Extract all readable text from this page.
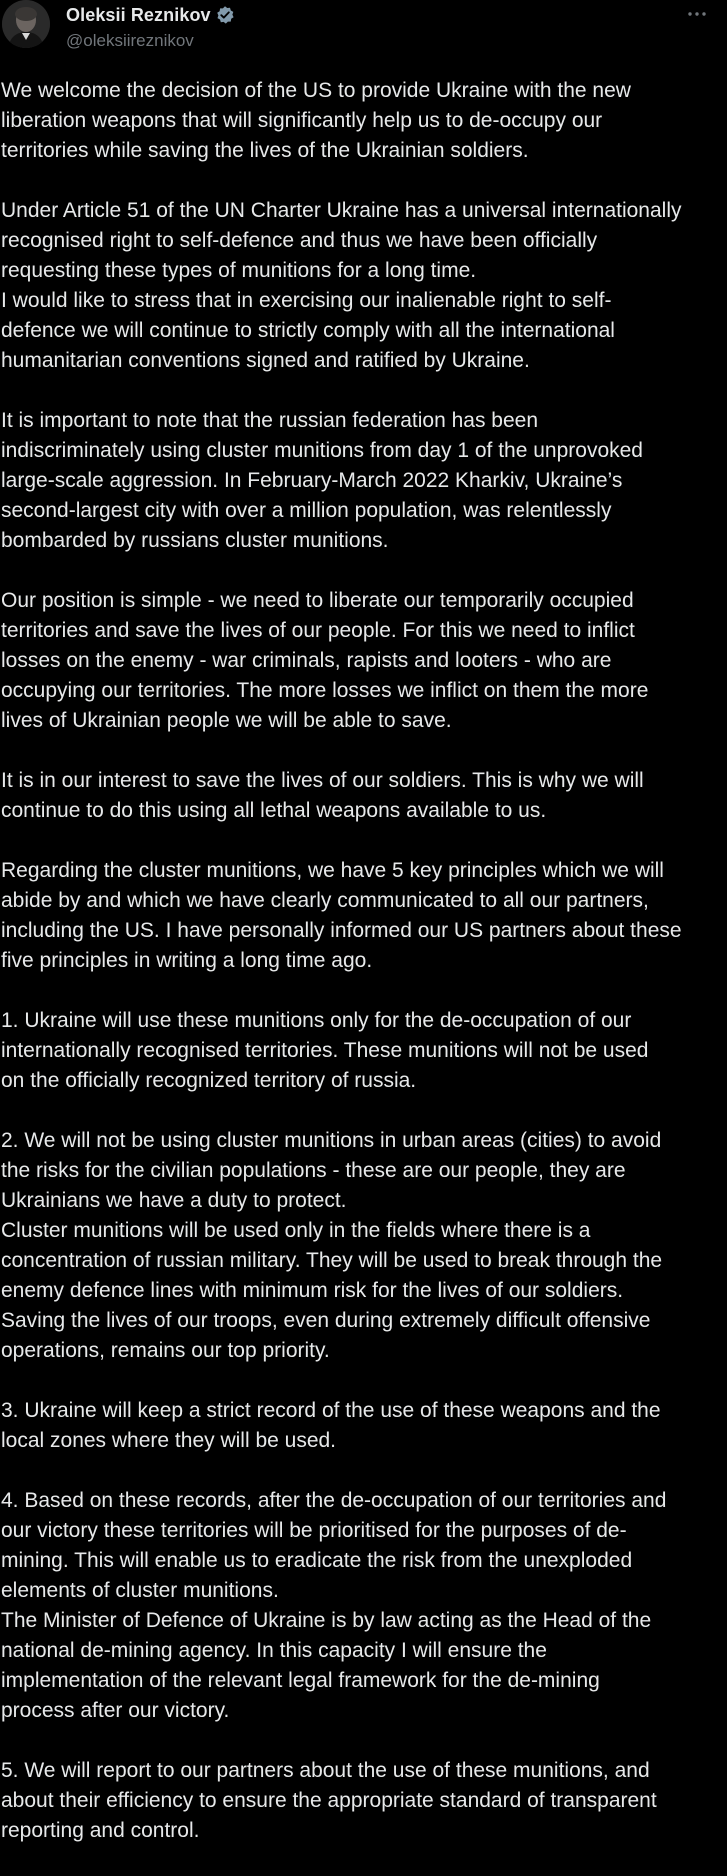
Oleksii Reznikov
@oleksiireznikov

We welcome the decision of the US to provide Ukraine with the new
liberation weapons that will significantly help us to de-occupy our
territories while saving the lives of the Ukrainian soldiers.

Under Article 51 of the UN Charter Ukraine has a universal internationally
recognised right to self-defence and thus we have been officially
requesting these types of munitions for a long time.
I would like to stress that in exercising our inalienable right to self-
defence we will continue to strictly comply with all the international
humanitarian conventions signed and ratified by Ukraine.

It is important to note that the russian federation has been
indiscriminately using cluster munitions from day 1 of the unprovoked
large-scale aggression. In February-March 2022 Kharkiv, Ukraine’s
second-largest city with over a million population, was relentlessly
bombarded by russians cluster munitions.

Our position is simple - we need to liberate our temporarily occupied
territories and save the lives of our people. For this we need to inflict
losses on the enemy - war criminals, rapists and looters - who are
occupying our territories. The more losses we inflict on them the more
lives of Ukrainian people we will be able to save.

It is in our interest to save the lives of our soldiers. This is why we will
continue to do this using all lethal weapons available to us.

Regarding the cluster munitions, we have 5 key principles which we will
abide by and which we have clearly communicated to all our partners,
including the US. I have personally informed our US partners about these
five principles in writing a long time ago.

1. Ukraine will use these munitions only for the de-occupation of our
internationally recognised territories. These munitions will not be used
on the officially recognized territory of russia.

2. We will not be using cluster munitions in urban areas (cities) to avoid
the risks for the civilian populations - these are our people, they are
Ukrainians we have a duty to protect.
Cluster munitions will be used only in the fields where there is a
concentration of russian military. They will be used to break through the
enemy defence lines with minimum risk for the lives of our soldiers.
Saving the lives of our troops, even during extremely difficult offensive
operations, remains our top priority.

3. Ukraine will keep a strict record of the use of these weapons and the
local zones where they will be used.

4. Based on these records, after the de-occupation of our territories and
our victory these territories will be prioritised for the purposes of de-
mining. This will enable us to eradicate the risk from the unexploded
elements of cluster munitions.
The Minister of Defence of Ukraine is by law acting as the Head of the
national de-mining agency. In this capacity I will ensure the
implementation of the relevant legal framework for the de-mining
process after our victory.

5. We will report to our partners about the use of these munitions, and
about their efficiency to ensure the appropriate standard of transparent
reporting and control.
